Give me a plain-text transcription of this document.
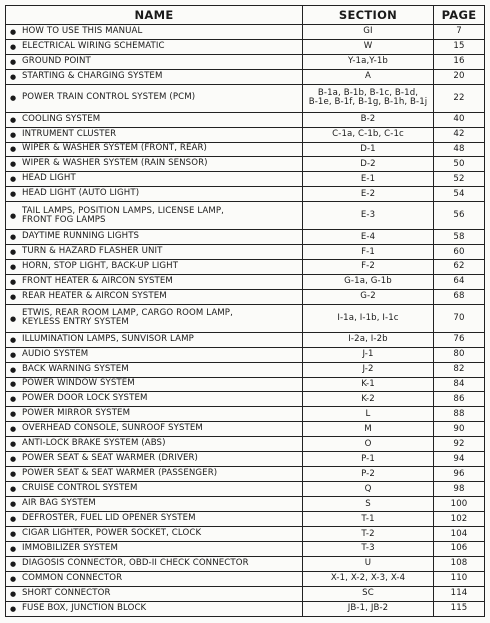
NAME	SECTION	PAGE
● HOW TO USE THIS MANUAL	GI	7
● ELECTRICAL WIRING SCHEMATIC	W	15
● GROUND POINT	Y-1a,Y-1b	16
● STARTING & CHARGING SYSTEM	A	20
● POWER TRAIN CONTROL SYSTEM (PCM)	B-1a, B-1b, B-1c, B-1d,
B-1e, B-1f, B-1g, B-1h, B-1j	22
● COOLING SYSTEM	B-2	40
● INTRUMENT CLUSTER	C-1a, C-1b, C-1c	42
● WIPER & WASHER SYSTEM (FRONT, REAR)	D-1	48
● WIPER & WASHER SYSTEM (RAIN SENSOR)	D-2	50
● HEAD LIGHT	E-1	52
● HEAD LIGHT (AUTO LIGHT)	E-2	54
●
TAIL LAMPS, POSITION LAMPS, LICENSE LAMP,
FRONT FOG LAMPS	E-3	56
● DAYTIME RUNNING LIGHTS	E-4	58
● TURN & HAZARD FLASHER UNIT	F-1	60
● HORN, STOP LIGHT, BACK-UP LIGHT	F-2	62
● FRONT HEATER & AIRCON SYSTEM	G-1a, G-1b	64
● REAR HEATER & AIRCON SYSTEM	G-2	68
●
ETWIS, REAR ROOM LAMP, CARGO ROOM LAMP,
KEYLESS ENTRY SYSTEM	I-1a, I-1b, I-1c	70
● ILLUMINATION LAMPS, SUNVISOR LAMP	I-2a, I-2b	76
● AUDIO SYSTEM	J-1	80
● BACK WARNING SYSTEM	J-2	82
● POWER WINDOW SYSTEM	K-1	84
● POWER DOOR LOCK SYSTEM	K-2	86
● POWER MIRROR SYSTEM	L	88
● OVERHEAD CONSOLE, SUNROOF SYSTEM	M	90
● ANTI-LOCK BRAKE SYSTEM (ABS)	O	92
● POWER SEAT & SEAT WARMER (DRIVER)	P-1	94
● POWER SEAT & SEAT WARMER (PASSENGER)	P-2	96
● CRUISE CONTROL SYSTEM	Q	98
● AIR BAG SYSTEM	S	100
● DEFROSTER, FUEL LID OPENER SYSTEM	T-1	102
● CIGAR LIGHTER, POWER SOCKET, CLOCK	T-2	104
● IMMOBILIZER SYSTEM	T-3	106
● DIAGOSIS CONNECTOR, OBD-II CHECK CONNECTOR	U	108
● COMMON CONNECTOR	X-1, X-2, X-3, X-4	110
● SHORT CONNECTOR	SC	114
● FUSE BOX, JUNCTION BLOCK	JB-1, JB-2	115
